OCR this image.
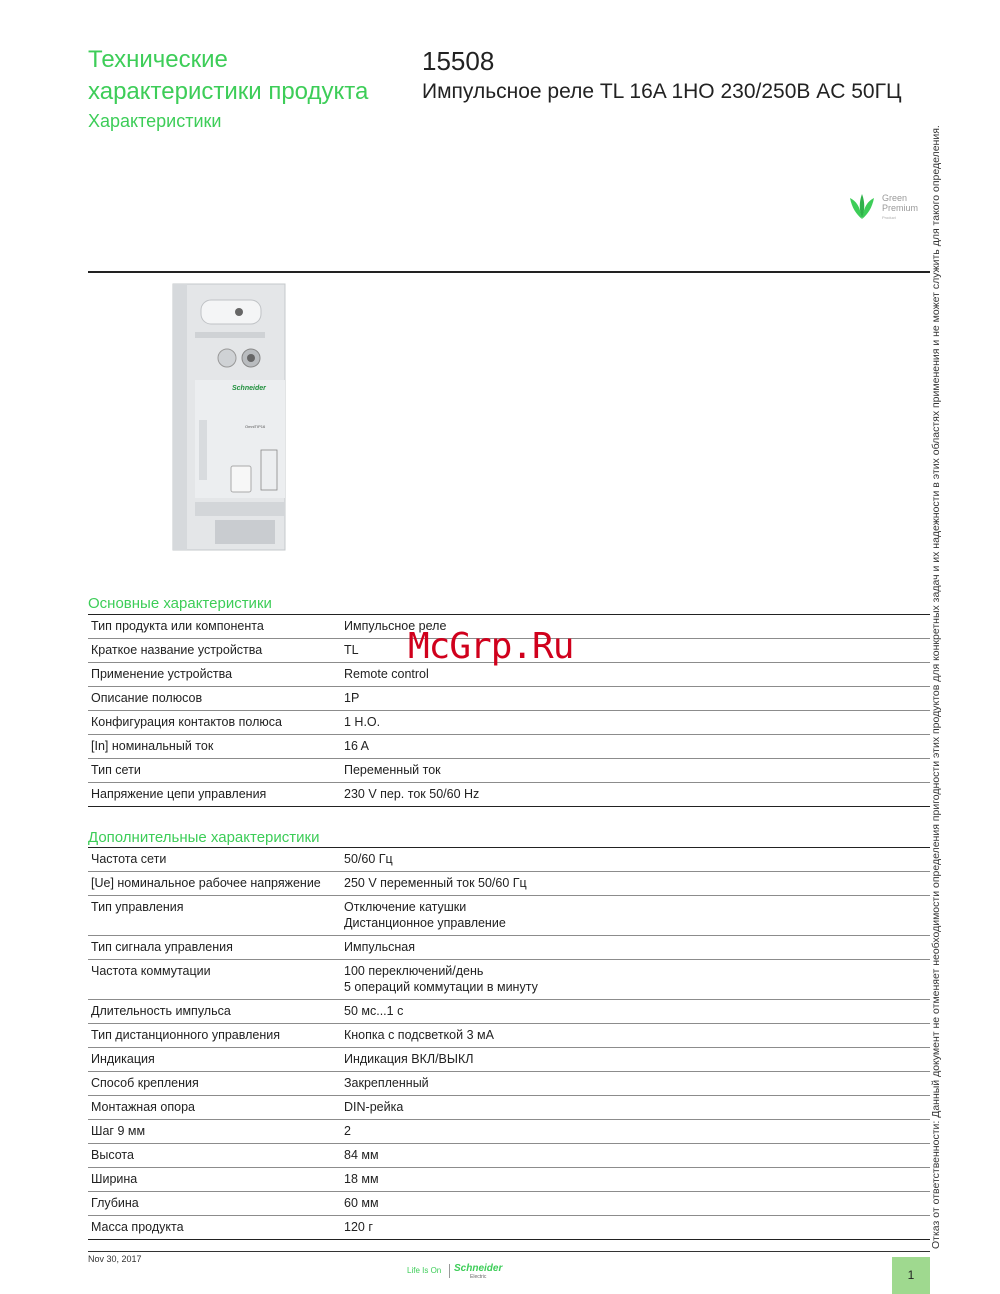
Технические характеристики продукта
Характеристики
15508
Импульсное реле TL 16A 1НО 230/250В AC 50ГЦ
Green
Premium
Product
Schneider
OmniTIP16	Отказ от ответственности: Данный документ не отменяет необходимости определения пригодности этих продуктов для конкретных задач и их надежности в этих областях применения и не может служить для такого определения.
Основные характеристики
Тип продукта или компонента	Импульсное реле
Краткое название устройства	TL
Применение устройства	Remote control
Описание полюсов	1P
Конфигурация контактов полюса	1 Н.О.
[In] номинальный ток	16 A
Тип сети	Переменный ток
Напряжение цепи управления	230 V пер. ток 50/60 Hz
Дополнительные характеристики
Частота сети	50/60 Гц
[Ue] номинальное рабочее напряжение	250 V переменный ток 50/60 Гц
Тип управления	Отключение катушки
Дистанционное управление
Тип сигнала управления	Импульсная
Частота коммутации	100 переключений/день
5 операций коммутации в минуту
Длительность импульса	50 мс...1 с
Тип дистанционного управления	Кнопка с подсветкой 3 мА
Индикация	Индикация ВКЛ/ВЫКЛ
Способ крепления	Закрепленный
Монтажная опора	DIN-рейка
Шаг 9 мм	2
Высота	84 мм
Ширина	18 мм
Глубина	60 мм
Масса продукта	120 г
McGrp.Ru
Nov 30, 2017
Life Is On Schneider
Electric	1
